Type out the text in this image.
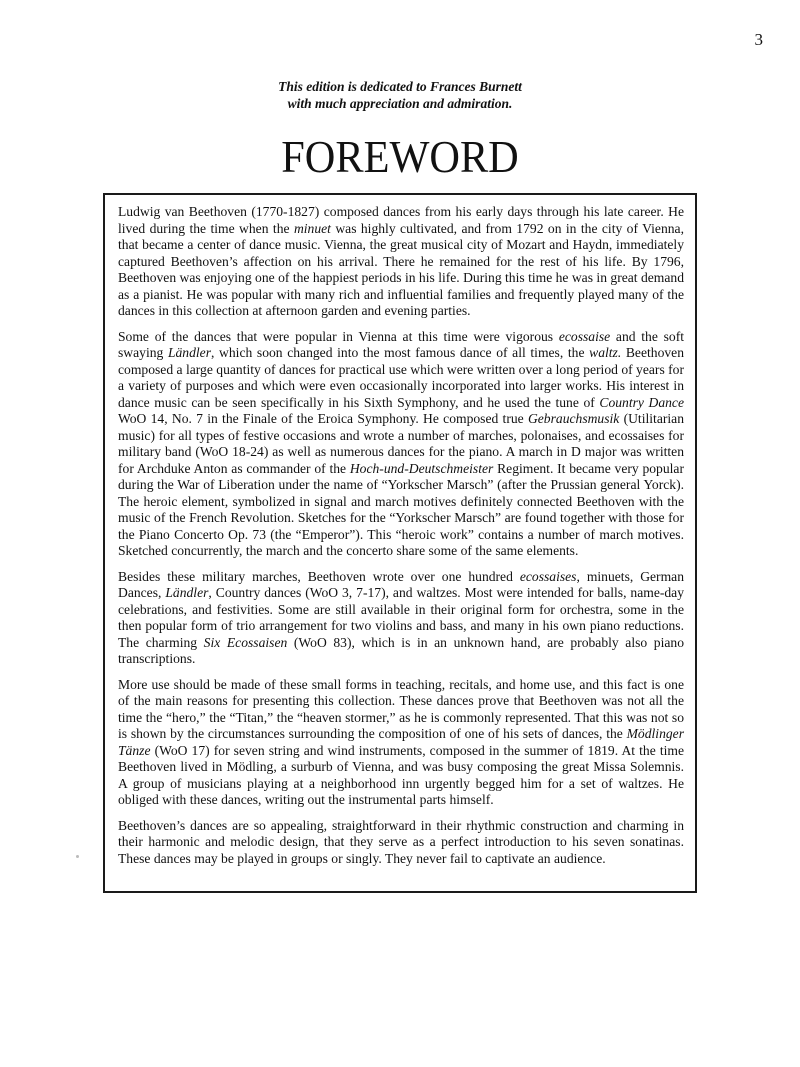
3
This edition is dedicated to Frances Burnett
with much appreciation and admiration.
FOREWORD

Ludwig van Beethoven (1770-1827) composed dances from his early days through his late career. He lived during the time when the minuet was highly cultivated, and from 1792 on in the city of Vienna, that became a center of dance music. Vienna, the great musical city of Mozart and Haydn, immediately captured Beethoven’s affection on his arrival. There he remained for the rest of his life. By 1796, Beethoven was enjoying one of the happiest periods in his life. During this time he was in great demand as a pianist. He was popular with many rich and influential families and frequently played many of the dances in this collection at afternoon garden and evening parties.

Some of the dances that were popular in Vienna at this time were vigorous ecossaise and the soft swaying Ländler, which soon changed into the most famous dance of all times, the waltz. Beethoven composed a large quantity of dances for practical use which were written over a long period of years for a variety of purposes and which were even occasionally incorporated into larger works. His interest in dance music can be seen specifically in his Sixth Symphony, and he used the tune of Country Dance WoO 14, No. 7 in the Finale of the Eroica Symphony. He composed true Gebrauchsmusik (Utilitarian music) for all types of festive occasions and wrote a number of marches, polonaises, and ecossaises for military band (WoO 18-24) as well as numerous dances for the piano. A march in D major was written for Archduke Anton as commander of the Hoch-und-Deutschmeister Regiment. It became very popular during the War of Liberation under the name of “Yorkscher Marsch” (after the Prussian general Yorck). The heroic element, symbolized in signal and march motives definitely connected Beethoven with the music of the French Revolution. Sketches for the “Yorkscher Marsch” are found together with those for the Piano Concerto Op. 73 (the “Emperor”). This “heroic work” contains a number of march motives. Sketched concurrently, the march and the concerto share some of the same elements.

Besides these military marches, Beethoven wrote over one hundred ecossaises, minuets, German Dances, Ländler, Country dances (WoO 3, 7-17), and waltzes. Most were intended for balls, name-day celebrations, and festivities. Some are still available in their original form for orchestra, some in the then popular form of trio arrangement for two violins and bass, and many in his own piano reductions. The charming Six Ecossaisen (WoO 83), which is in an unknown hand, are probably also piano transcriptions.

More use should be made of these small forms in teaching, recitals, and home use, and this fact is one of the main reasons for presenting this collection. These dances prove that Beethoven was not all the time the “hero,” the “Titan,” the “heaven stormer,” as he is commonly represented. That this was not so is shown by the circumstances surrounding the composition of one of his sets of dances, the Mödlinger Tänze (WoO 17) for seven string and wind instruments, composed in the summer of 1819. At the time Beethoven lived in Mödling, a surburb of Vienna, and was busy composing the great Missa Solemnis. A group of musicians playing at a neighborhood inn urgently begged him for a set of waltzes. He obliged with these dances, writing out the instrumental parts himself.

Beethoven’s dances are so appealing, straightforward in their rhythmic construction and charming in their harmonic and melodic design, that they serve as a perfect introduction to his seven sonatinas. These dances may be played in groups or singly. They never fail to captivate an audience.
